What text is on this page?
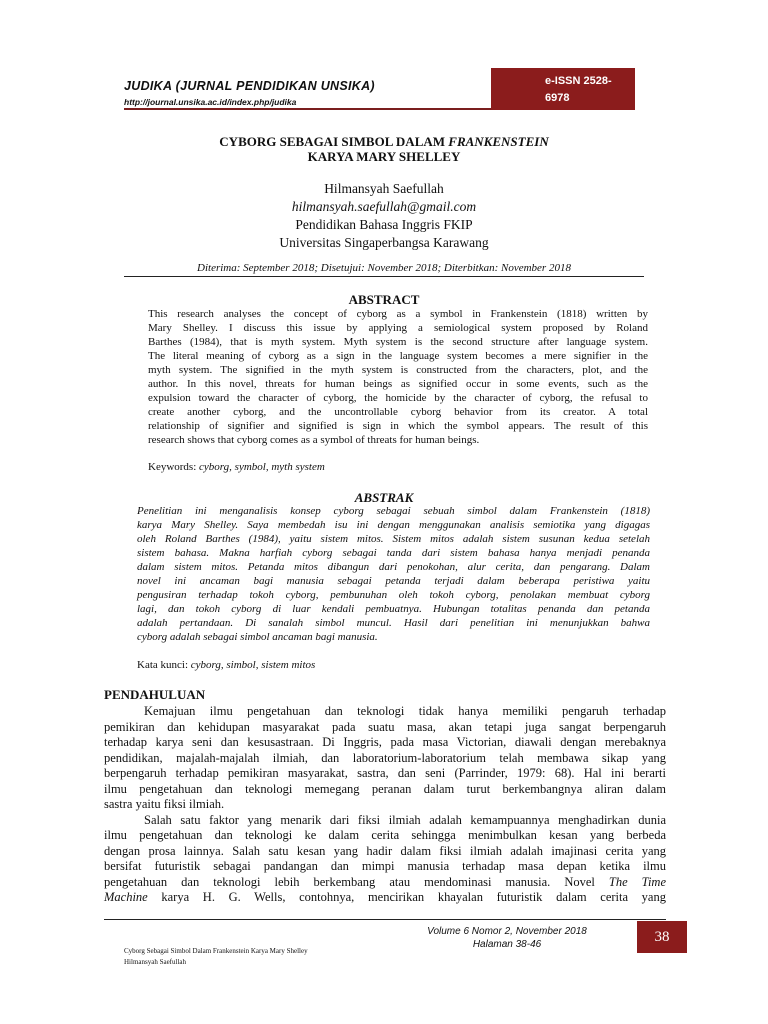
JUDIKA (JURNAL PENDIDIKAN UNSIKA)
http://journal.unsika.ac.id/index.php/judika
e-ISSN 2528-6978
p-ISSN 2338-2996
CYBORG SEBAGAI SIMBOL DALAM FRANKENSTEIN
KARYA MARY SHELLEY
Hilmansyah Saefullah
hilmansyah.saefullah@gmail.com
Pendidikan Bahasa Inggris FKIP
Universitas Singaperbangsa Karawang
Diterima: September 2018; Disetujui: November 2018; Diterbitkan: November 2018
ABSTRACT
This research analyses the concept of cyborg as a symbol in Frankenstein (1818) written by
Mary Shelley. I discuss this issue by applying a semiological system proposed by Roland
Barthes (1984), that is myth system. Myth system is the second structure after language system.
The literal meaning of cyborg as a sign in the language system becomes a mere signifier in the
myth system. The signified in the myth system is constructed from the characters, plot, and the
author. In this novel, threats for human beings as signified occur in some events, such as the
expulsion toward the character of cyborg, the homicide by the character of cyborg, the refusal to
create another cyborg, and the uncontrollable cyborg behavior from its creator. A total
relationship of signifier and signified is sign in which the symbol appears. The result of this
research shows that cyborg comes as a symbol of threats for human beings.
Keywords: cyborg, symbol, myth system
ABSTRAK
Penelitian ini menganalisis konsep cyborg sebagai sebuah simbol dalam Frankenstein (1818)
karya Mary Shelley. Saya membedah isu ini dengan menggunakan analisis semiotika yang digagas
oleh Roland Barthes (1984), yaitu sistem mitos. Sistem mitos adalah sistem susunan kedua setelah
sistem bahasa. Makna harfiah cyborg sebagai tanda dari sistem bahasa hanya menjadi penanda
dalam sistem mitos. Petanda mitos dibangun dari penokohan, alur cerita, dan pengarang. Dalam
novel ini ancaman bagi manusia sebagai petanda terjadi dalam beberapa peristiwa yaitu
pengusiran terhadap tokoh cyborg, pembunuhan oleh tokoh cyborg, penolakan membuat cyborg
lagi, dan tokoh cyborg di luar kendali pembuatnya. Hubungan totalitas penanda dan petanda
adalah pertandaan. Di sanalah simbol muncul. Hasil dari penelitian ini menunjukkan bahwa
cyborg adalah sebagai simbol ancaman bagi manusia.
Kata kunci: cyborg, simbol, sistem mitos
PENDAHULUAN
Kemajuan ilmu pengetahuan dan teknologi tidak hanya memiliki pengaruh terhadap
pemikiran dan kehidupan masyarakat pada suatu masa, akan tetapi juga sangat berpengaruh
terhadap karya seni dan kesusastraan. Di Inggris, pada masa Victorian, diawali dengan merebaknya
pendidikan, majalah-majalah ilmiah, dan laboratorium-laboratorium telah membawa sikap yang
berpengaruh terhadap pemikiran masyarakat, sastra, dan seni (Parrinder, 1979: 68). Hal ini berarti
ilmu pengetahuan dan teknologi memegang peranan dalam turut berkembangnya aliran dalam
sastra yaitu fiksi ilmiah.
Salah satu faktor yang menarik dari fiksi ilmiah adalah kemampuannya menghadirkan dunia
ilmu pengetahuan dan teknologi ke dalam cerita sehingga menimbulkan kesan yang berbeda
dengan prosa lainnya. Salah satu kesan yang hadir dalam fiksi ilmiah adalah imajinasi cerita yang
bersifat futuristik sebagai pandangan dan mimpi manusia terhadap masa depan ketika ilmu
pengetahuan dan teknologi lebih berkembang atau mendominasi manusia. Novel The Time
Machine karya H. G. Wells, contohnya, mencirikan khayalan futuristik dalam cerita yang
Volume 6 Nomor 2, November 2018
Halaman 38-46	38
Cyborg Sebagai Simbol Dalam Frankenstein Karya Mary Shelley
Hilmansyah Saefullah
